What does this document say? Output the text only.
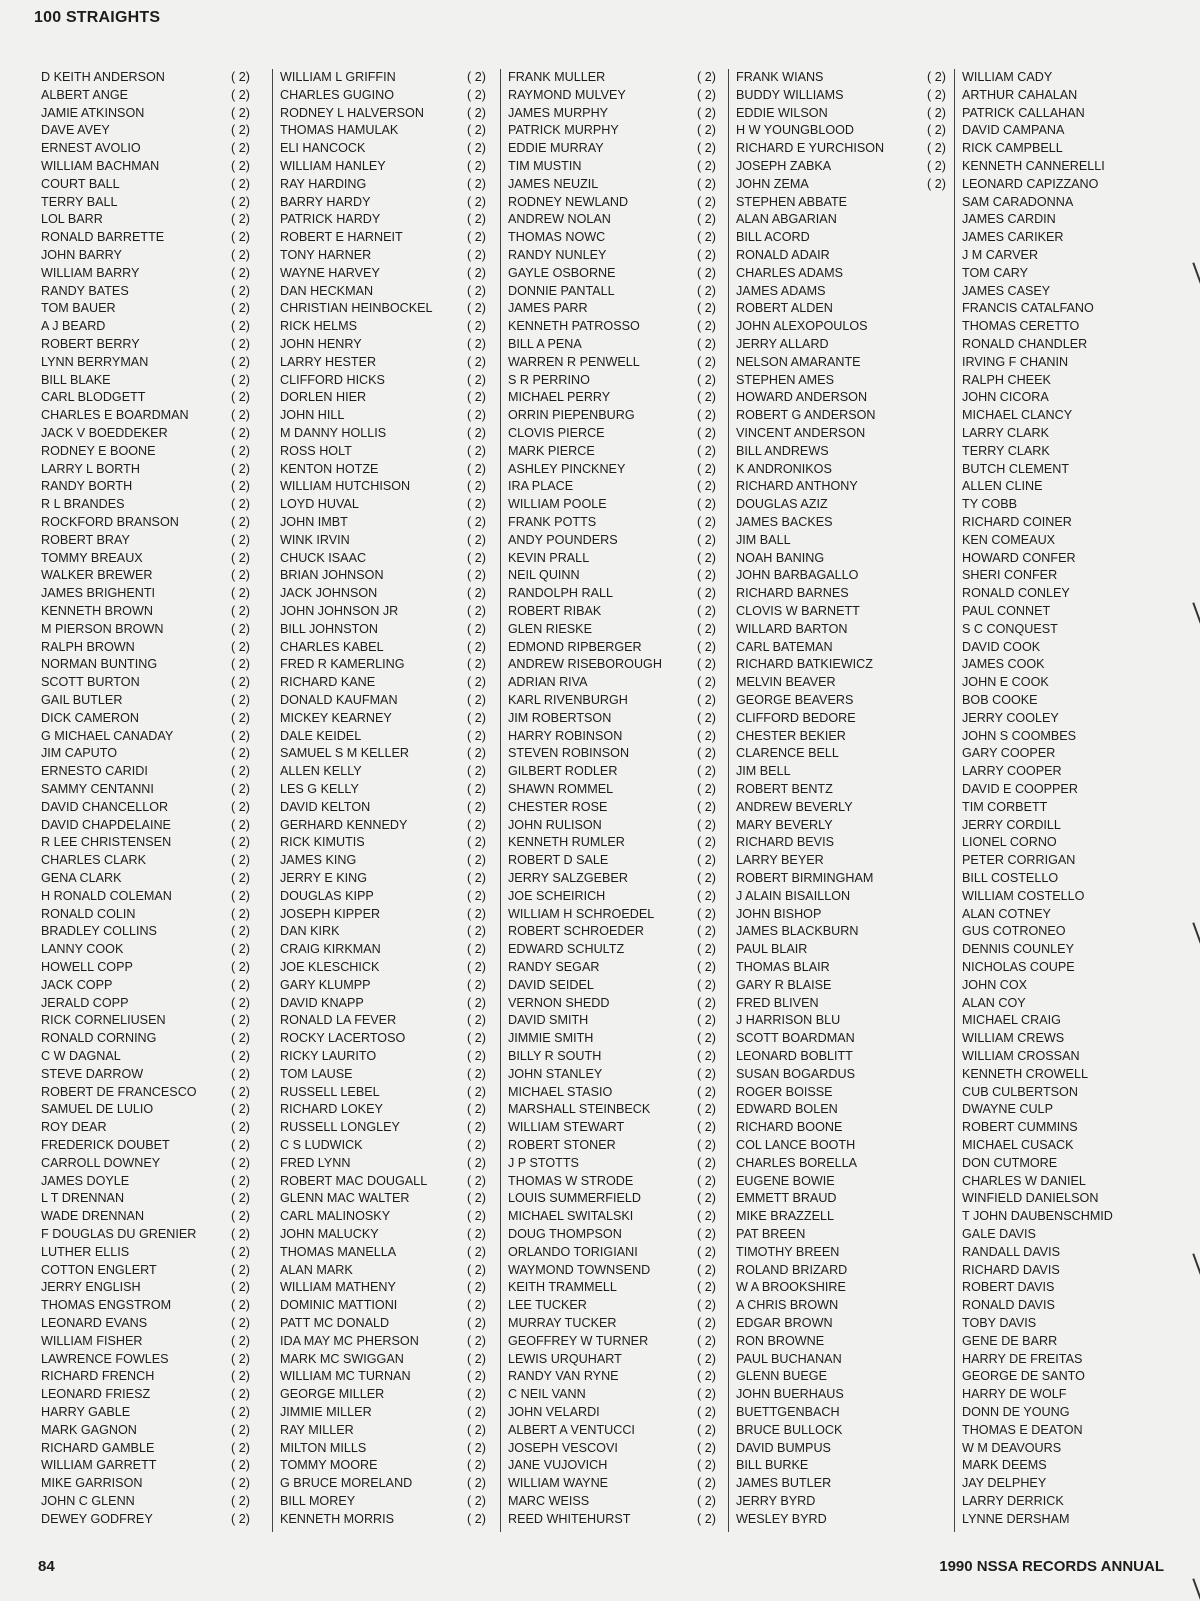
100 STRAIGHTS
D KEITH ANDERSON	( 2)
ALBERT ANGE	( 2)
JAMIE ATKINSON	( 2)
DAVE AVEY	( 2)
ERNEST AVOLIO	( 2)
WILLIAM BACHMAN	( 2)
COURT BALL	( 2)
TERRY BALL	( 2)
LOL BARR	( 2)
RONALD BARRETTE	( 2)
JOHN BARRY	( 2)
WILLIAM BARRY	( 2)
RANDY BATES	( 2)
TOM BAUER	( 2)
A J BEARD	( 2)
ROBERT BERRY	( 2)
LYNN BERRYMAN	( 2)
BILL BLAKE	( 2)
CARL BLODGETT	( 2)
CHARLES E BOARDMAN	( 2)
JACK V BOEDDEKER	( 2)
RODNEY E BOONE	( 2)
LARRY L BORTH	( 2)
RANDY BORTH	( 2)
R L BRANDES	( 2)
ROCKFORD BRANSON	( 2)
ROBERT BRAY	( 2)
TOMMY BREAUX	( 2)
WALKER BREWER	( 2)
JAMES BRIGHENTI	( 2)
KENNETH BROWN	( 2)
M PIERSON BROWN	( 2)
RALPH BROWN	( 2)
NORMAN BUNTING	( 2)
SCOTT BURTON	( 2)
GAIL BUTLER	( 2)
DICK CAMERON	( 2)
G MICHAEL CANADAY	( 2)
JIM CAPUTO	( 2)
ERNESTO CARIDI	( 2)
SAMMY CENTANNI	( 2)
DAVID CHANCELLOR	( 2)
DAVID CHAPDELAINE	( 2)
R LEE CHRISTENSEN	( 2)
CHARLES CLARK	( 2)
GENA CLARK	( 2)
H RONALD COLEMAN	( 2)
RONALD COLIN	( 2)
BRADLEY COLLINS	( 2)
LANNY COOK	( 2)
HOWELL COPP	( 2)
JACK COPP	( 2)
JERALD COPP	( 2)
RICK CORNELIUSEN	( 2)
RONALD CORNING	( 2)
C W DAGNAL	( 2)
STEVE DARROW	( 2)
ROBERT DE FRANCESCO	( 2)
SAMUEL DE LULIO	( 2)
ROY DEAR	( 2)
FREDERICK DOUBET	( 2)
CARROLL DOWNEY	( 2)
JAMES DOYLE	( 2)
L T DRENNAN	( 2)
WADE DRENNAN	( 2)
F DOUGLAS DU GRENIER	( 2)
LUTHER ELLIS	( 2)
COTTON ENGLERT	( 2)
JERRY ENGLISH	( 2)
THOMAS ENGSTROM	( 2)
LEONARD EVANS	( 2)
WILLIAM FISHER	( 2)
LAWRENCE FOWLES	( 2)
RICHARD FRENCH	( 2)
LEONARD FRIESZ	( 2)
HARRY GABLE	( 2)
MARK GAGNON	( 2)
RICHARD GAMBLE	( 2)
WILLIAM GARRETT	( 2)
MIKE GARRISON	( 2)
JOHN C GLENN	( 2)
DEWEY GODFREY	( 2)
WILLIAM L GRIFFIN	( 2)
CHARLES GUGINO	( 2)
RODNEY L HALVERSON	( 2)
THOMAS HAMULAK	( 2)
ELI HANCOCK	( 2)
WILLIAM HANLEY	( 2)
RAY HARDING	( 2)
BARRY HARDY	( 2)
PATRICK HARDY	( 2)
ROBERT E HARNEIT	( 2)
TONY HARNER	( 2)
WAYNE HARVEY	( 2)
DAN HECKMAN	( 2)
CHRISTIAN HEINBOCKEL	( 2)
RICK HELMS	( 2)
JOHN HENRY	( 2)
LARRY HESTER	( 2)
CLIFFORD HICKS	( 2)
DORLEN HIER	( 2)
JOHN HILL	( 2)
M DANNY HOLLIS	( 2)
ROSS HOLT	( 2)
KENTON HOTZE	( 2)
WILLIAM HUTCHISON	( 2)
LOYD HUVAL	( 2)
JOHN IMBT	( 2)
WINK IRVIN	( 2)
CHUCK ISAAC	( 2)
BRIAN JOHNSON	( 2)
JACK JOHNSON	( 2)
JOHN JOHNSON JR	( 2)
BILL JOHNSTON	( 2)
CHARLES KABEL	( 2)
FRED R KAMERLING	( 2)
RICHARD KANE	( 2)
DONALD KAUFMAN	( 2)
MICKEY KEARNEY	( 2)
DALE KEIDEL	( 2)
SAMUEL S M KELLER	( 2)
ALLEN KELLY	( 2)
LES G KELLY	( 2)
DAVID KELTON	( 2)
GERHARD KENNEDY	( 2)
RICK KIMUTIS	( 2)
JAMES KING	( 2)
JERRY E KING	( 2)
DOUGLAS KIPP	( 2)
JOSEPH KIPPER	( 2)
DAN KIRK	( 2)
CRAIG KIRKMAN	( 2)
JOE KLESCHICK	( 2)
GARY KLUMPP	( 2)
DAVID KNAPP	( 2)
RONALD LA FEVER	( 2)
ROCKY LACERTOSO	( 2)
RICKY LAURITO	( 2)
TOM LAUSE	( 2)
RUSSELL LEBEL	( 2)
RICHARD LOKEY	( 2)
RUSSELL LONGLEY	( 2)
C S LUDWICK	( 2)
FRED LYNN	( 2)
ROBERT MAC DOUGALL	( 2)
GLENN MAC WALTER	( 2)
CARL MALINOSKY	( 2)
JOHN MALUCKY	( 2)
THOMAS MANELLA	( 2)
ALAN MARK	( 2)
WILLIAM MATHENY	( 2)
DOMINIC MATTIONI	( 2)
PATT MC DONALD	( 2)
IDA MAY MC PHERSON	( 2)
MARK MC SWIGGAN	( 2)
WILLIAM MC TURNAN	( 2)
GEORGE MILLER	( 2)
JIMMIE MILLER	( 2)
RAY MILLER	( 2)
MILTON MILLS	( 2)
TOMMY MOORE	( 2)
G BRUCE MORELAND	( 2)
BILL MOREY	( 2)
KENNETH MORRIS	( 2)
FRANK MULLER	( 2)
RAYMOND MULVEY	( 2)
JAMES MURPHY	( 2)
PATRICK MURPHY	( 2)
EDDIE MURRAY	( 2)
TIM MUSTIN	( 2)
JAMES NEUZIL	( 2)
RODNEY NEWLAND	( 2)
ANDREW NOLAN	( 2)
THOMAS NOWC	( 2)
RANDY NUNLEY	( 2)
GAYLE OSBORNE	( 2)
DONNIE PANTALL	( 2)
JAMES PARR	( 2)
KENNETH PATROSSO	( 2)
BILL A PENA	( 2)
WARREN R PENWELL	( 2)
S R PERRINO	( 2)
MICHAEL PERRY	( 2)
ORRIN PIEPENBURG	( 2)
CLOVIS PIERCE	( 2)
MARK PIERCE	( 2)
ASHLEY PINCKNEY	( 2)
IRA PLACE	( 2)
WILLIAM POOLE	( 2)
FRANK POTTS	( 2)
ANDY POUNDERS	( 2)
KEVIN PRALL	( 2)
NEIL QUINN	( 2)
RANDOLPH RALL	( 2)
ROBERT RIBAK	( 2)
GLEN RIESKE	( 2)
EDMOND RIPBERGER	( 2)
ANDREW RISEBOROUGH	( 2)
ADRIAN RIVA	( 2)
KARL RIVENBURGH	( 2)
JIM ROBERTSON	( 2)
HARRY ROBINSON	( 2)
STEVEN ROBINSON	( 2)
GILBERT RODLER	( 2)
SHAWN ROMMEL	( 2)
CHESTER ROSE	( 2)
JOHN RULISON	( 2)
KENNETH RUMLER	( 2)
ROBERT D SALE	( 2)
JERRY SALZGEBER	( 2)
JOE SCHEIRICH	( 2)
WILLIAM H SCHROEDEL	( 2)
ROBERT SCHROEDER	( 2)
EDWARD SCHULTZ	( 2)
RANDY SEGAR	( 2)
DAVID SEIDEL	( 2)
VERNON SHEDD	( 2)
DAVID SMITH	( 2)
JIMMIE SMITH	( 2)
BILLY R SOUTH	( 2)
JOHN STANLEY	( 2)
MICHAEL STASIO	( 2)
MARSHALL STEINBECK	( 2)
WILLIAM STEWART	( 2)
ROBERT STONER	( 2)
J P STOTTS	( 2)
THOMAS W STRODE	( 2)
LOUIS SUMMERFIELD	( 2)
MICHAEL SWITALSKI	( 2)
DOUG THOMPSON	( 2)
ORLANDO TORIGIANI	( 2)
WAYMOND TOWNSEND	( 2)
KEITH TRAMMELL	( 2)
LEE TUCKER	( 2)
MURRAY TUCKER	( 2)
GEOFFREY W TURNER	( 2)
LEWIS URQUHART	( 2)
RANDY VAN RYNE	( 2)
C NEIL VANN	( 2)
JOHN VELARDI	( 2)
ALBERT A VENTUCCI	( 2)
JOSEPH VESCOVI	( 2)
JANE VUJOVICH	( 2)
WILLIAM WAYNE	( 2)
MARC WEISS	( 2)
REED WHITEHURST	( 2)
FRANK WIANS	( 2)
BUDDY WILLIAMS	( 2)
EDDIE WILSON	( 2)
H W YOUNGBLOOD	( 2)
RICHARD E YURCHISON	( 2)
JOSEPH ZABKA	( 2)
JOHN ZEMA	( 2)
STEPHEN ABBATE
ALAN ABGARIAN
BILL ACORD
RONALD ADAIR
CHARLES ADAMS
JAMES ADAMS
ROBERT ALDEN
JOHN ALEXOPOULOS
JERRY ALLARD
NELSON AMARANTE
STEPHEN AMES
HOWARD ANDERSON
ROBERT G ANDERSON
VINCENT ANDERSON
BILL ANDREWS
K ANDRONIKOS
RICHARD ANTHONY
DOUGLAS AZIZ
JAMES BACKES
JIM BALL
NOAH BANING
JOHN BARBAGALLO
RICHARD BARNES
CLOVIS W BARNETT
WILLARD BARTON
CARL BATEMAN
RICHARD BATKIEWICZ
MELVIN BEAVER
GEORGE BEAVERS
CLIFFORD BEDORE
CHESTER BEKIER
CLARENCE BELL
JIM BELL
ROBERT BENTZ
ANDREW BEVERLY
MARY BEVERLY
RICHARD BEVIS
LARRY BEYER
ROBERT BIRMINGHAM
J ALAIN BISAILLON
JOHN BISHOP
JAMES BLACKBURN
PAUL BLAIR
THOMAS BLAIR
GARY R BLAISE
FRED BLIVEN
J HARRISON BLU
SCOTT BOARDMAN
LEONARD BOBLITT
SUSAN BOGARDUS
ROGER BOISSE
EDWARD BOLEN
RICHARD BOONE
COL LANCE BOOTH
CHARLES BORELLA
EUGENE BOWIE
EMMETT BRAUD
MIKE BRAZZELL
PAT BREEN
TIMOTHY BREEN
ROLAND BRIZARD
W A BROOKSHIRE
A CHRIS BROWN
EDGAR BROWN
RON BROWNE
PAUL BUCHANAN
GLENN BUEGE
JOHN BUERHAUS
BUETTGENBACH
BRUCE BULLOCK
DAVID BUMPUS
BILL BURKE
JAMES BUTLER
JERRY BYRD
WESLEY BYRD
WILLIAM CADY
ARTHUR CAHALAN
PATRICK CALLAHAN
DAVID CAMPANA
RICK CAMPBELL
KENNETH CANNERELLI
LEONARD CAPIZZANO
SAM CARADONNA
JAMES CARDIN
JAMES CARIKER
J M CARVER
TOM CARY
JAMES CASEY
FRANCIS CATALFANO
THOMAS CERETTO
RONALD CHANDLER
IRVING F CHANIN
RALPH CHEEK
JOHN CICORA
MICHAEL CLANCY
LARRY CLARK
TERRY CLARK
BUTCH CLEMENT
ALLEN CLINE
TY COBB
RICHARD COINER
KEN COMEAUX
HOWARD CONFER
SHERI CONFER
RONALD CONLEY
PAUL CONNET
S C CONQUEST
DAVID COOK
JAMES COOK
JOHN E COOK
BOB COOKE
JERRY COOLEY
JOHN S COOMBES
GARY COOPER
LARRY COOPER
DAVID E COOPPER
TIM CORBETT
JERRY CORDILL
LIONEL CORNO
PETER CORRIGAN
BILL COSTELLO
WILLIAM COSTELLO
ALAN COTNEY
GUS COTRONEO
DENNIS COUNLEY
NICHOLAS COUPE
JOHN COX
ALAN COY
MICHAEL CRAIG
WILLIAM CREWS
WILLIAM CROSSAN
KENNETH CROWELL
CUB CULBERTSON
DWAYNE CULP
ROBERT CUMMINS
MICHAEL CUSACK
DON CUTMORE
CHARLES W DANIEL
WINFIELD DANIELSON
T JOHN DAUBENSCHMID
GALE DAVIS
RANDALL DAVIS
RICHARD DAVIS
ROBERT DAVIS
RONALD DAVIS
TOBY DAVIS
GENE DE BARR
HARRY DE FREITAS
GEORGE DE SANTO
HARRY DE WOLF
DONN DE YOUNG
THOMAS E DEATON
W M DEAVOURS
MARK DEEMS
JAY DELPHEY
LARRY DERRICK
LYNNE DERSHAM
84	1990 NSSA RECORDS ANNUAL
